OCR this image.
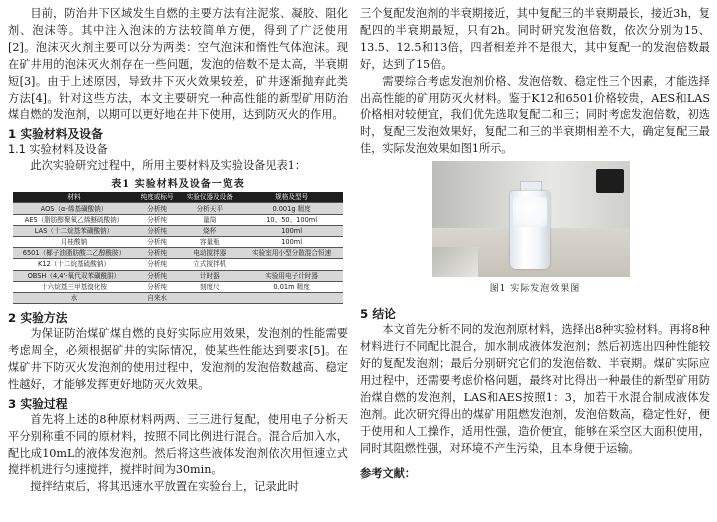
目前，防治井下区域发生自燃的主要方法有注泥浆、凝胶、阻化剂、泡沫等。其中注入泡沫的方法较简单方便，得到了广泛使用[2]。泡沫灭火剂主要可以分为两类：空气泡沫和惰性气体泡沫。现在矿井用的泡沫灭火剂存在一些问题，发泡的倍数不是太高，半衰期短[3]。由于上述原因，导致井下灭火效果较差，矿井逐渐抛弃此类方法[4]。针对这些方法，本文主要研究一种高性能的新型矿用防治煤自燃的发泡剂，以期可以更好地在井下使用，达到防灭火的作用。

1 实验材料及设备
1.1 实验材料及设备

此次实验研究过程中，所用主要材料及实验设备见表1：

表1 实验材料及设备一览表
材料	纯度或标号	实验仪器及设备	规格及型号
AOS（α-烯基磺酸钠）	分析纯	分析天平	0.001g 精度
AES（脂肪醇聚氧乙烯醚硫酸钠）	分析纯	量筒	10、50、100ml
LAS（十二烷基苯磺酸钠）	分析纯	烧杯	100ml
月桂酸钠	分析纯	容量瓶	100ml
6501（椰子油脂肪酸二乙醇酰胺）	分析纯	电动搅拌器	实验室用小型分散混合恒速
K12（十二烷基硫酸钠）	分析纯	立式搅拌机	
OBSH（4,4'-氧代双苯磺酰肼）	分析纯	计时器	实验用电子计时器
十六烷基三甲基溴化铵	分析纯	刻度尺	0.01m 精度
水	自来水		
2 实验方法

为保证防治煤矿煤自燃的良好实际应用效果，发泡剂的性能需要考虑周全，必须根据矿井的实际情况，使某些性能达到要求[5]。在煤矿井下防灭火发泡剂的使用过程中，发泡剂的发泡倍数越高、稳定性越好，才能够发挥更好地防灭火效果。

3 实验过程

首先将上述的8种原材料两两、三三进行复配，使用电子分析天平分别称重不同的原材料，按照不同比例进行混合。混合后加入水，配比成10mL的液体发泡剂。然后将这些液体发泡剂依次用恒速立式搅拌机进行匀速搅拌，搅拌时间为30min。

搅拌结束后，将其迅速水平放置在实验台上，记录此时

三个复配发泡剂的半衰期接近，其中复配三的半衰期最长，接近3h，复配四的半衰期最短，只有2h。同时研究发泡倍数，依次分别为15、13.5、12.5和13倍，四者相差并不是很大，其中复配一的发泡倍数最好，达到了15倍。

需要综合考虑发泡剂价格、发泡倍数、稳定性三个因素，才能选择出高性能的矿用防灭火材料。鉴于K12和6501价格较贵，AES和LAS价格相对较便宜，我们优先选取复配二和三；同时考虑发泡倍数，初选时，复配三发泡效果好，复配二和三的半衰期相差不大，确定复配三最佳，实际发泡效果如图1所示。

图1 实际发泡效果图
5 结论

本文首先分析不同的发泡剂原材料，选择出8种实验材料。再将8种材料进行不同配比混合，加水制成液体发泡剂；然后初选出四种性能较好的复配发泡剂；最后分别研究它们的发泡倍数、半衰期。煤矿实际应用过程中，还需要考虑价格问题，最终对比得出一种最佳的新型矿用防治煤自燃的发泡剂，LAS和AES按照1：3，加若干水混合制成液体发泡剂。此次研究得出的煤矿用阻燃发泡剂，发泡倍数高，稳定性好，便于使用和人工操作，适用性强，造价便宜，能够在采空区大面积使用，同时其阻燃性强，对环境不产生污染，且本身便于运输。

参考文献：
